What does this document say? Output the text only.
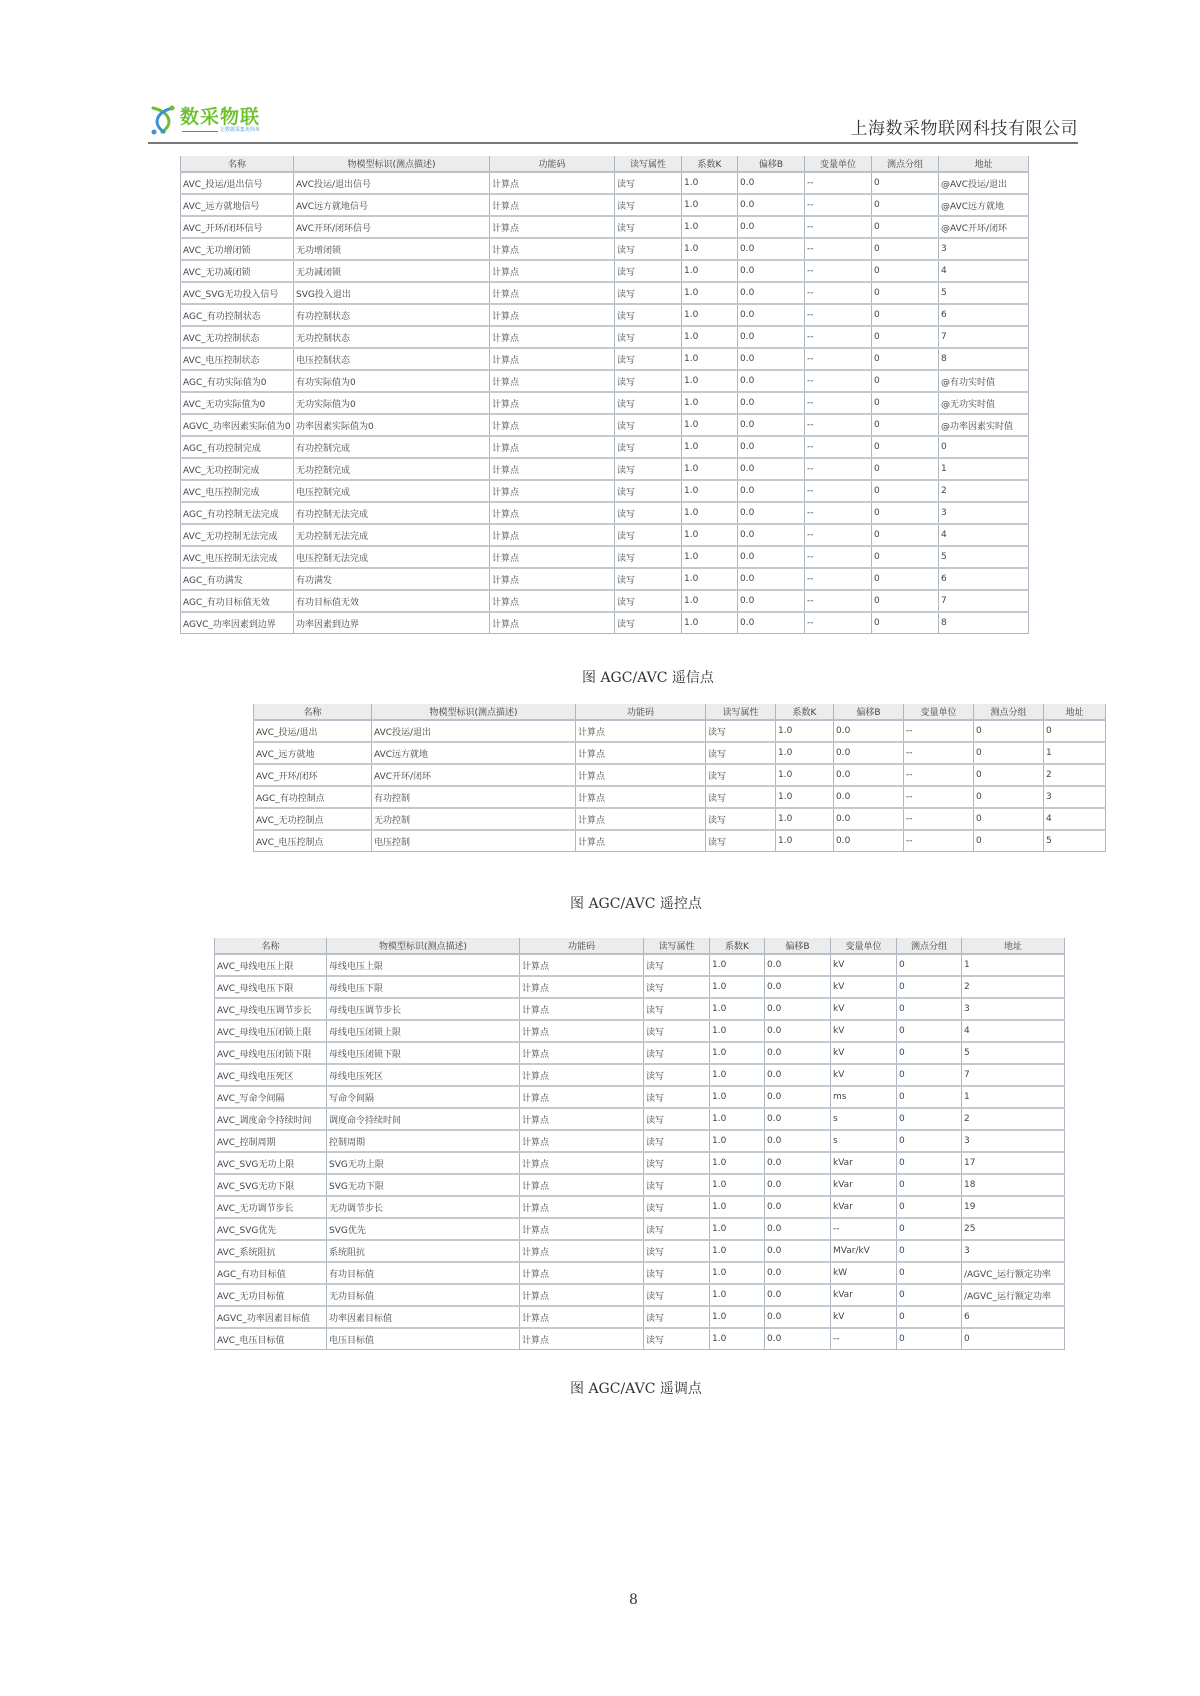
数采物联
让数据采集更简单	上海数采物联网科技有限公司
名称	物模型标识(测点描述)	功能码	读写属性	系数K	偏移B	变量单位	测点分组	地址
AVC_投运/退出信号	AVC投运/退出信号	计算点	读写	1.0	0.0	--	0	@AVC投运/退出
AVC_远方就地信号	AVC远方就地信号	计算点	读写	1.0	0.0	--	0	@AVC远方就地
AVC_开环/闭环信号	AVC开环/闭环信号	计算点	读写	1.0	0.0	--	0	@AVC开环/闭环
AVC_无功增闭锁	无功增闭锁	计算点	读写	1.0	0.0	--	0	3
AVC_无功减闭锁	无功减闭锁	计算点	读写	1.0	0.0	--	0	4
AVC_SVG无功投入信号	SVG投入退出	计算点	读写	1.0	0.0	--	0	5
AGC_有功控制状态	有功控制状态	计算点	读写	1.0	0.0	--	0	6
AVC_无功控制状态	无功控制状态	计算点	读写	1.0	0.0	--	0	7
AVC_电压控制状态	电压控制状态	计算点	读写	1.0	0.0	--	0	8
AGC_有功实际值为0	有功实际值为0	计算点	读写	1.0	0.0	--	0	@有功实时值
AVC_无功实际值为0	无功实际值为0	计算点	读写	1.0	0.0	--	0	@无功实时值
AGVC_功率因素实际值为0	功率因素实际值为0	计算点	读写	1.0	0.0	--	0	@功率因素实时值
AGC_有功控制完成	有功控制完成	计算点	读写	1.0	0.0	--	0	0
AVC_无功控制完成	无功控制完成	计算点	读写	1.0	0.0	--	0	1
AVC_电压控制完成	电压控制完成	计算点	读写	1.0	0.0	--	0	2
AGC_有功控制无法完成	有功控制无法完成	计算点	读写	1.0	0.0	--	0	3
AVC_无功控制无法完成	无功控制无法完成	计算点	读写	1.0	0.0	--	0	4
AVC_电压控制无法完成	电压控制无法完成	计算点	读写	1.0	0.0	--	0	5
AGC_有功满发	有功满发	计算点	读写	1.0	0.0	--	0	6
AGC_有功目标值无效	有功目标值无效	计算点	读写	1.0	0.0	--	0	7
AGVC_功率因素到边界	功率因素到边界	计算点	读写	1.0	0.0	--	0	8
图 AGC/AVC 遥信点
名称	物模型标识(测点描述)	功能码	读写属性	系数K	偏移B	变量单位	测点分组	地址
AVC_投运/退出	AVC投运/退出	计算点	读写	1.0	0.0	--	0	0
AVC_远方就地	AVC远方就地	计算点	读写	1.0	0.0	--	0	1
AVC_开环/闭环	AVC开环/闭环	计算点	读写	1.0	0.0	--	0	2
AGC_有功控制点	有功控制	计算点	读写	1.0	0.0	--	0	3
AVC_无功控制点	无功控制	计算点	读写	1.0	0.0	--	0	4
AVC_电压控制点	电压控制	计算点	读写	1.0	0.0	--	0	5
图 AGC/AVC 遥控点
名称	物模型标识(测点描述)	功能码	读写属性	系数K	偏移B	变量单位	测点分组	地址
AVC_母线电压上限	母线电压上限	计算点	读写	1.0	0.0	kV	0	1
AVC_母线电压下限	母线电压下限	计算点	读写	1.0	0.0	kV	0	2
AVC_母线电压调节步长	母线电压调节步长	计算点	读写	1.0	0.0	kV	0	3
AVC_母线电压闭锁上限	母线电压闭锁上限	计算点	读写	1.0	0.0	kV	0	4
AVC_母线电压闭锁下限	母线电压闭锁下限	计算点	读写	1.0	0.0	kV	0	5
AVC_母线电压死区	母线电压死区	计算点	读写	1.0	0.0	kV	0	7
AVC_写命令间隔	写命令间隔	计算点	读写	1.0	0.0	ms	0	1
AVC_调度命令持续时间	调度命令持续时间	计算点	读写	1.0	0.0	s	0	2
AVC_控制周期	控制周期	计算点	读写	1.0	0.0	s	0	3
AVC_SVG无功上限	SVG无功上限	计算点	读写	1.0	0.0	kVar	0	17
AVC_SVG无功下限	SVG无功下限	计算点	读写	1.0	0.0	kVar	0	18
AVC_无功调节步长	无功调节步长	计算点	读写	1.0	0.0	kVar	0	19
AVC_SVG优先	SVG优先	计算点	读写	1.0	0.0	--	0	25
AVC_系统阻抗	系统阻抗	计算点	读写	1.0	0.0	MVar/kV	0	3
AGC_有功目标值	有功目标值	计算点	读写	1.0	0.0	kW	0	/AGVC_运行额定功率
AVC_无功目标值	无功目标值	计算点	读写	1.0	0.0	kVar	0	/AGVC_运行额定功率
AGVC_功率因素目标值	功率因素目标值	计算点	读写	1.0	0.0	kV	0	6
AVC_电压目标值	电压目标值	计算点	读写	1.0	0.0	--	0	0
图 AGC/AVC 遥调点
8
